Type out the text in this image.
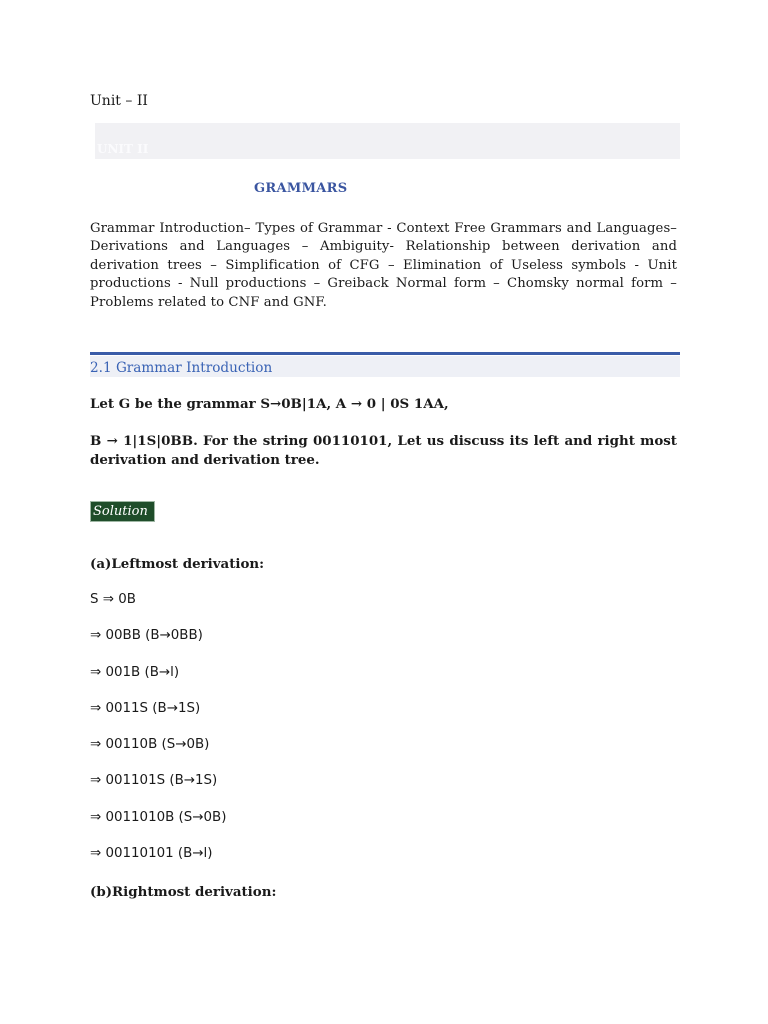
Unit – II
UNIT II
GRAMMARS
Grammar Introduction– Types of Grammar - Context Free Grammars and Languages– Derivations and Languages – Ambiguity- Relationship between derivation and derivation trees – Simplification of CFG – Elimination of Useless symbols - Unit productions - Null productions – Greiback Normal form – Chomsky normal form – Problems related to CNF and GNF.
2.1 Grammar Introduction
Let G be the grammar S→0B|1A, A → 0 | 0S 1AA,
B → 1|1S|0BB. For the string 00110101, Let us discuss its left and right most derivation and derivation tree.
Solution
(a)Leftmost derivation:
S ⇒ 0B
⇒ 00BB (B→0BB)
⇒ 001B (B→l)
⇒ 0011S (B→1S)
⇒ 00110B (S→0B)
⇒ 001101S (B→1S)
⇒ 0011010B (S→0B)
⇒ 00110101 (B→l)
(b)Rightmost derivation:
